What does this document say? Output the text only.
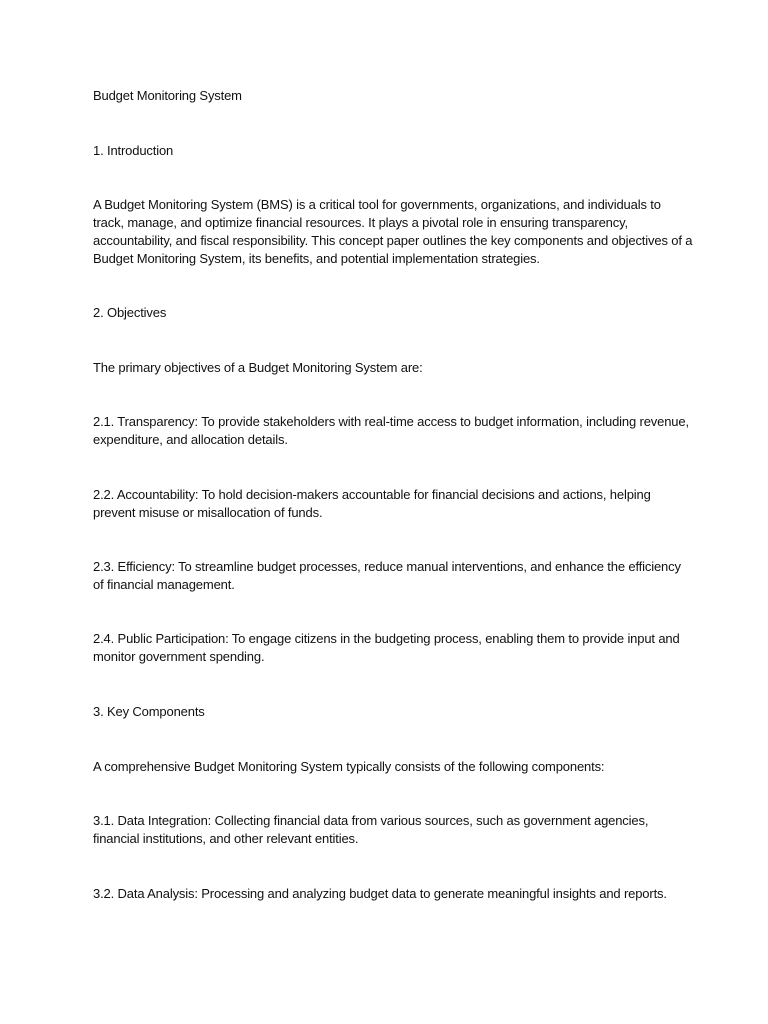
Budget Monitoring System

1. Introduction

A Budget Monitoring System (BMS) is a critical tool for governments, organizations, and individuals to track, manage, and optimize financial resources. It plays a pivotal role in ensuring transparency, accountability, and fiscal responsibility. This concept paper outlines the key components and objectives of a Budget Monitoring System, its benefits, and potential implementation strategies.

2. Objectives

The primary objectives of a Budget Monitoring System are:

2.1. Transparency: To provide stakeholders with real-time access to budget information, including revenue, expenditure, and allocation details.

2.2. Accountability: To hold decision-makers accountable for financial decisions and actions, helping prevent misuse or misallocation of funds.

2.3. Efficiency: To streamline budget processes, reduce manual interventions, and enhance the efficiency of financial management.

2.4. Public Participation: To engage citizens in the budgeting process, enabling them to provide input and monitor government spending.

3. Key Components

A comprehensive Budget Monitoring System typically consists of the following components:

3.1. Data Integration: Collecting financial data from various sources, such as government agencies, financial institutions, and other relevant entities.

3.2. Data Analysis: Processing and analyzing budget data to generate meaningful insights and reports.
